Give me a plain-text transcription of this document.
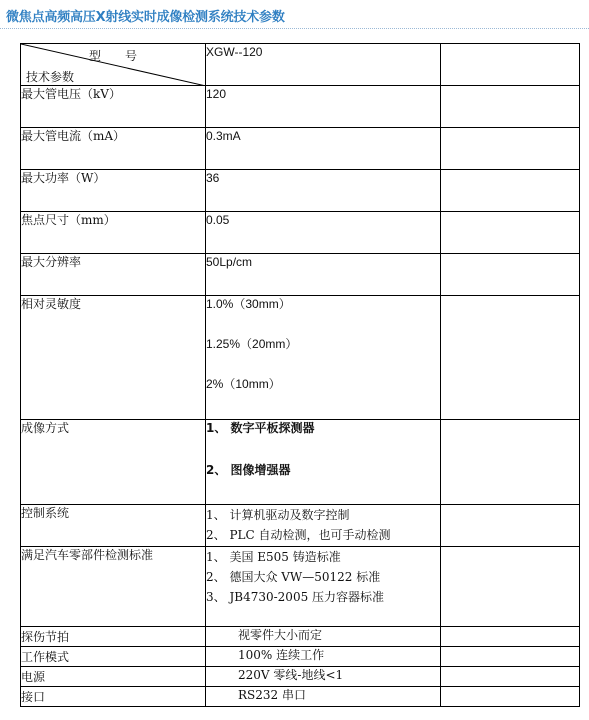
微焦点高频高压X射线实时成像检测系统技术参数
型号
技术参数	XGW--120	
最大管电压（kV）	120	
最大管电流（mA）	0.3mA	
最大功率（W）	36	
焦点尺寸（mm）	0.05	
最大分辨率	50Lp/cm	
相对灵敏度	1.0%（30mm）
1.25%（20mm）
2%（10mm）	

成像方式	1、 数字平板探测器
2、 图像增强器	

控制系统	1、 计算机驱动及数字控制
2、 PLC 自动检测，也可手动检测	

满足汽车零部件检测标准	1、 美国 E505 铸造标准
2、 德国大众 VW—50122 标准
3、 JB4730-2005 压力容器标准	

探伤节拍	视零件大小而定	

工作模式	100% 连续工作	

电源	220V 零线-地线<1	

接口	RS232 串口	
